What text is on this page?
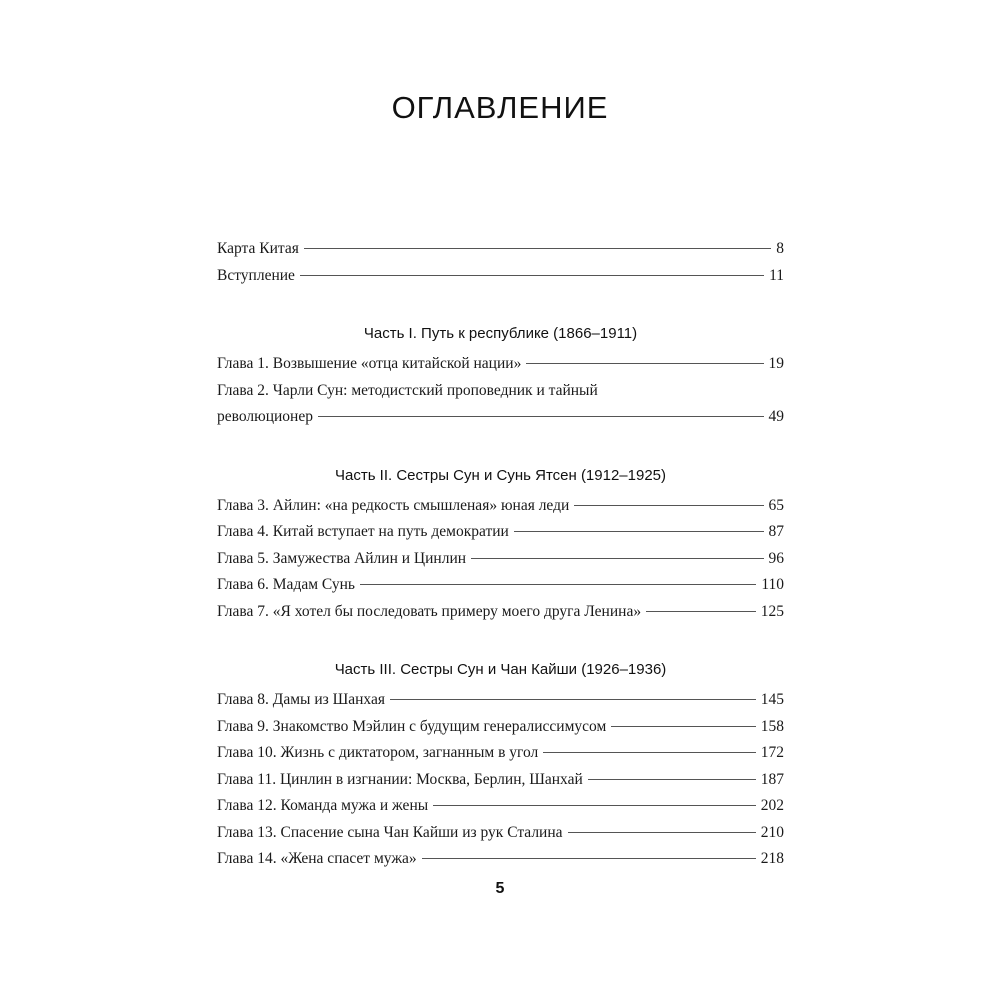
ОГЛАВЛЕНИЕ
Карта Китая	8
Вступление	11
Часть I. Путь к республике (1866–1911)
Глава 1. Возвышение «отца китайской нации»	19
Глава 2. Чарли Сун: методистский проповедник и тайный
революционер	49
Часть II. Сестры Сун и Сунь Ятсен (1912–1925)
Глава 3. Айлин: «на редкость смышленая» юная леди	65
Глава 4. Китай вступает на путь демократии	87
Глава 5. Замужества Айлин и Цинлин	96
Глава 6. Мадам Сунь	110
Глава 7. «Я хотел бы последовать примеру моего друга Ленина»	125
Часть III. Сестры Сун и Чан Кайши (1926–1936)
Глава 8. Дамы из Шанхая	145
Глава 9. Знакомство Мэйлин с будущим генералиссимусом	158
Глава 10. Жизнь с диктатором, загнанным в угол	172
Глава 11. Цинлин в изгнании: Москва, Берлин, Шанхай	187
Глава 12. Команда мужа и жены	202
Глава 13. Спасение сына Чан Кайши из рук Сталина	210
Глава 14. «Жена спасет мужа»	218
5
